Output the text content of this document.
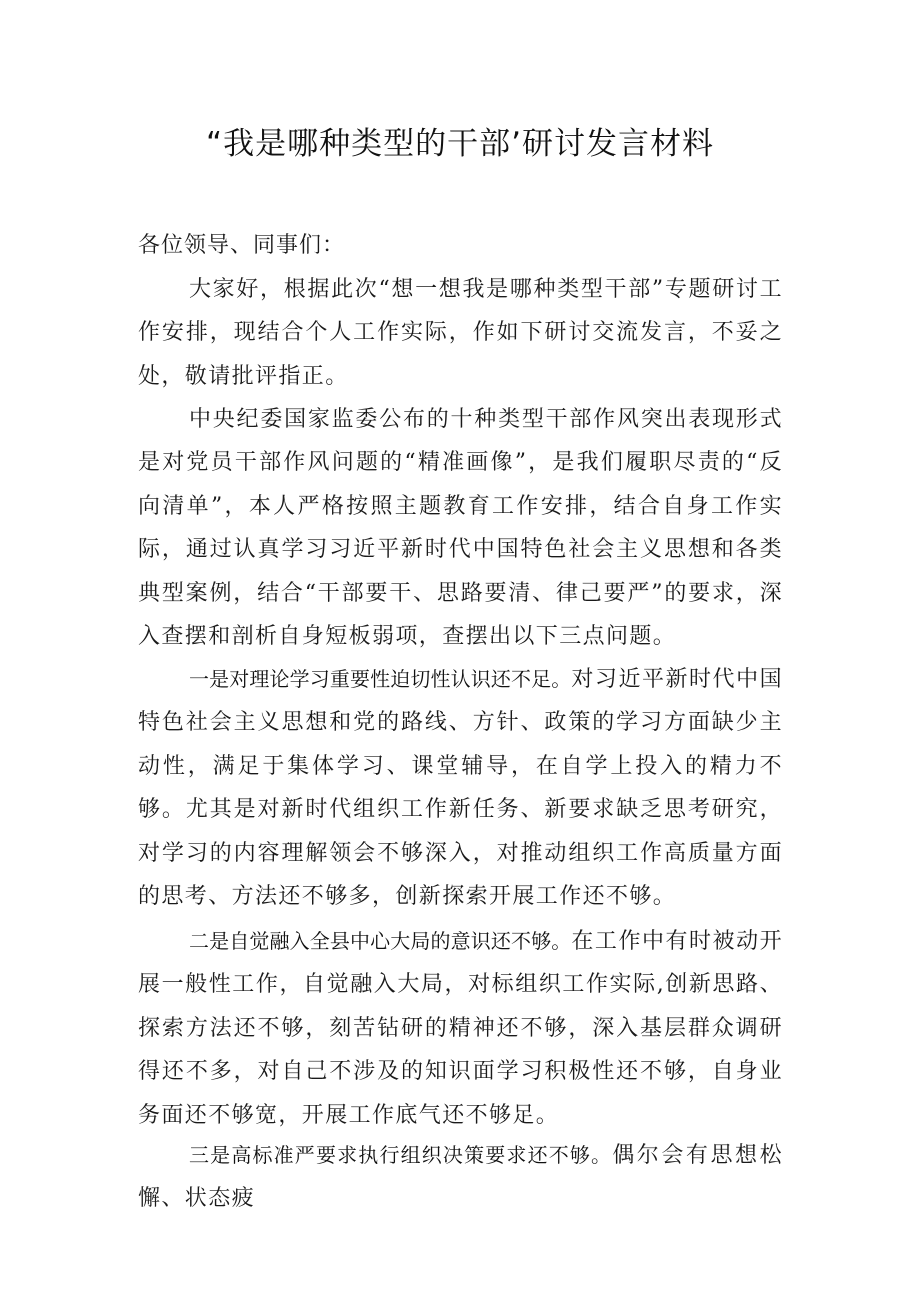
“我是哪种类型的干部’研讨发言材料

各位领导、同事们：

大家好，根据此次“想一想我是哪种类型干部”专题研讨工作安排，现结合个人工作实际，作如下研讨交流发言，不妥之处，敬请批评指正。

中央纪委国家监委公布的十种类型干部作风突出表现形式是对党员干部作风问题的“精准画像”，是我们履职尽责的“反向清单”，本人严格按照主题教育工作安排，结合自身工作实际，通过认真学习习近平新时代中国特色社会主义思想和各类典型案例，结合“干部要干、思路要清、律己要严”的要求，深入查摆和剖析自身短板弱项，查摆出以下三点问题。

一是对理论学习重要性迫切性认识还不足。对习近平新时代中国特色社会主义思想和党的路线、方针、政策的学习方面缺少主动性，满足于集体学习、课堂辅导，在自学上投入的精力不够。尤其是对新时代组织工作新任务、新要求缺乏思考研究，对学习的内容理解领会不够深入，对推动组织工作高质量方面的思考、方法还不够多，创新探索开展工作还不够。

二是自觉融入全县中心大局的意识还不够。在工作中有时被动开展一般性工作，自觉融入大局，对标组织工作实际,创新思路、探索方法还不够，刻苦钻研的精神还不够，深入基层群众调研得还不多，对自己不涉及的知识面学习积极性还不够，自身业务面还不够宽，开展工作底气还不够足。

三是高标准严要求执行组织决策要求还不够。偶尔会有思想松懈、状态疲
